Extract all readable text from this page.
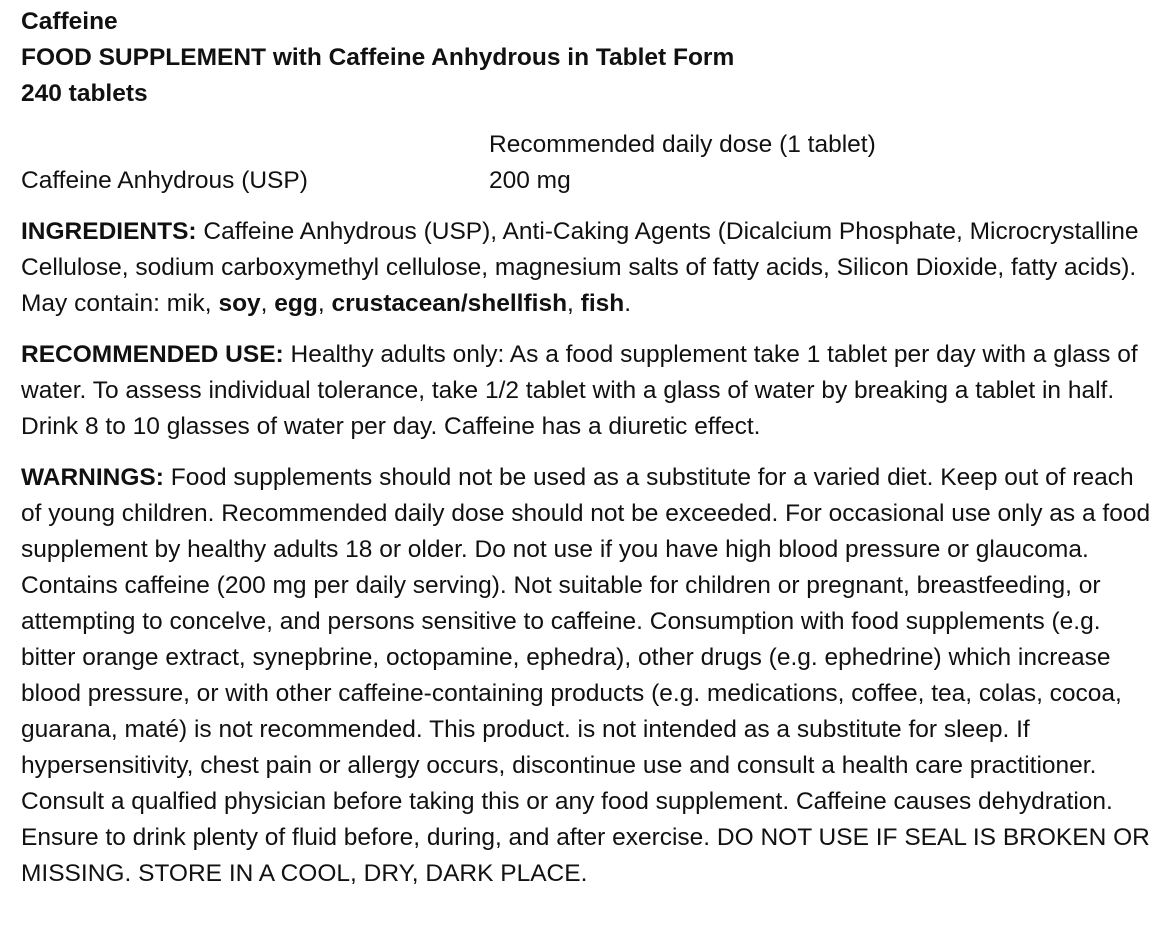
Caffeine
FOOD SUPPLEMENT with Caffeine Anhydrous in Tablet Form
240 tablets
Recommended daily dose (1 tablet)
Caffeine Anhydrous (USP)	200 mg

INGREDIENTS: Caffeine Anhydrous (USP), Anti-Caking Agents (Dicalcium Phosphate, Microcrystalline Cellulose, sodium carboxymethyl cellulose, magnesium salts of fatty acids, Silicon Dioxide, fatty acids). May contain: mik, soy, egg, crustacean/shellfish, fish.

RECOMMENDED USE: Healthy adults only: As a food supplement take 1 tablet per day with a glass of water. To assess individual tolerance, take 1/2 tablet with a glass of water by breaking a tablet in half. Drink 8 to 10 glasses of water per day. Caffeine has a diuretic effect.

WARNINGS: Food supplements should not be used as a substitute for a varied diet. Keep out of reach of young children. Recommended daily dose should not be exceeded. For occasional use only as a food supplement by healthy adults 18 or older. Do not use if you have high blood pressure or glaucoma. Contains caffeine (200 mg per daily serving). Not suitable for children or pregnant, breastfeeding, or attempting to concelve, and persons sensitive to caffeine. Consumption with food supplements (e.g. bitter orange extract, synepbrine, octopamine, ephedra), other drugs (e.g. ephedrine) which increase blood pressure, or with other caffeine-containing products (e.g. medications, coffee, tea, colas, cocoa, guarana, maté) is not recommended. This product. is not intended as a substitute for sleep. If hypersensitivity, chest pain or allergy occurs, discontinue use and consult a health care practitioner. Consult a qualfied physician before taking this or any food supplement. Caffeine causes dehydration. Ensure to drink plenty of fluid before, during, and after exercise. DO NOT USE IF SEAL IS BROKEN OR MISSING. STORE IN A COOL, DRY, DARK PLACE.
